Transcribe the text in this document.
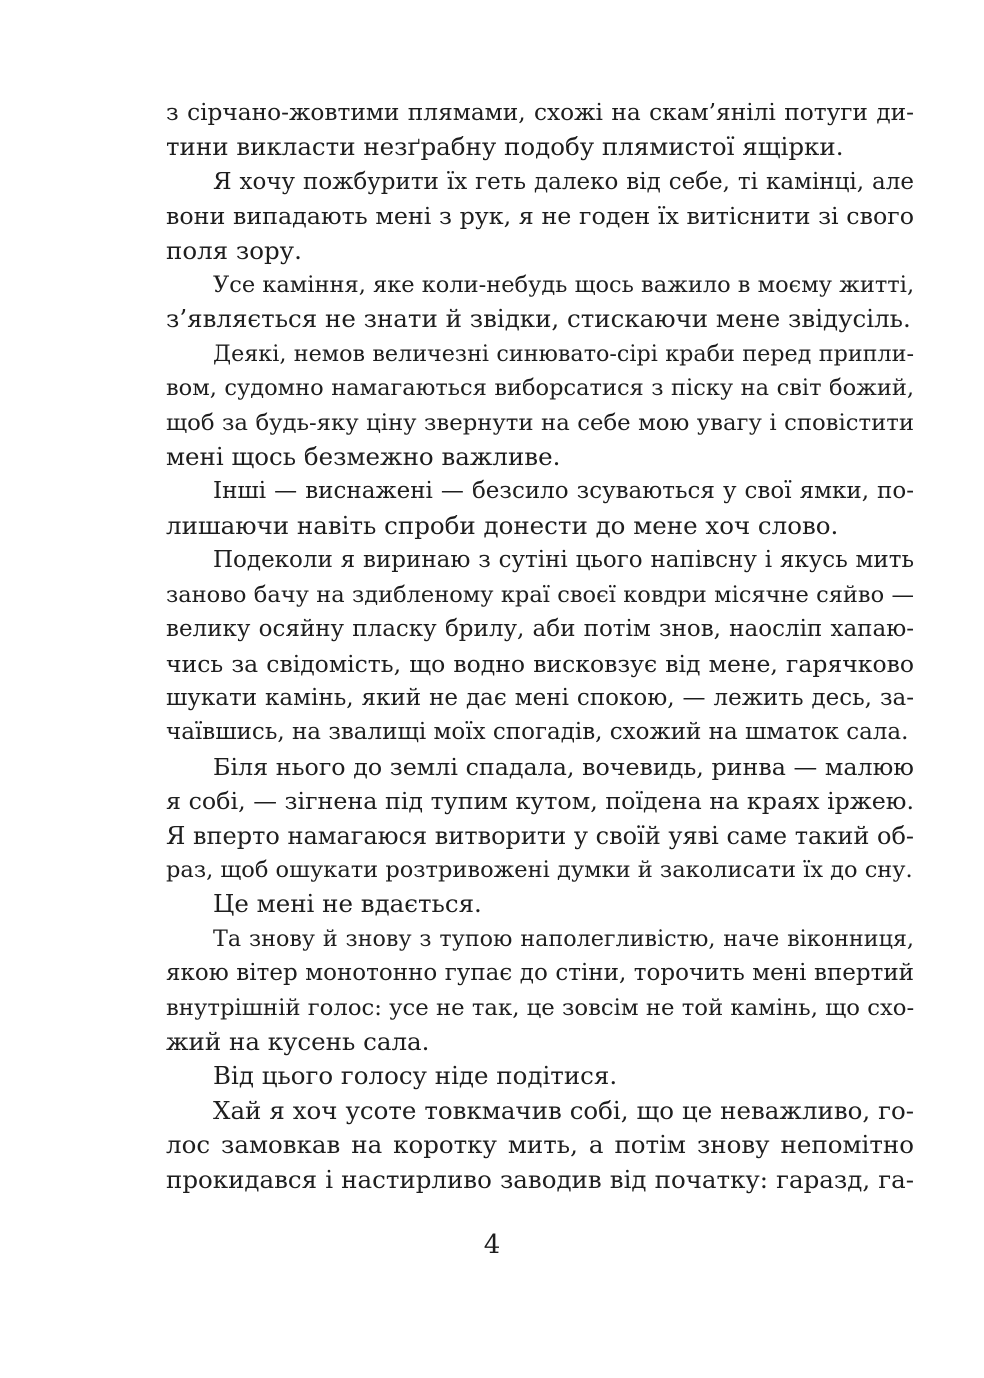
з сірчано-жовтими плямами, схожі на скам’янілі потуги ди-
тини викласти незґрабну подобу плямистої ящірки.
Я хочу пожбурити їх геть далеко від себе, ті камінці, але
вони випадають мені з рук, я не годен їх витіснити зі свого
поля зору.
Усе каміння, яке коли-небудь щось важило в моєму житті,
з’являється не знати й звідки, стискаючи мене звідусіль.
Деякі, немов величезні синювато-сірі краби перед припли-
вом, судомно намагаються виборсатися з піску на світ божий,
щоб за будь-яку ціну звернути на себе мою увагу і сповістити
мені щось безмежно важливе.
Інші — виснажені — безсило зсуваються у свої ямки, по-
лишаючи навіть спроби донести до мене хоч слово.
Подеколи я виринаю з сутіні цього напівсну і якусь мить
заново бачу на здибленому краї своєї ковдри місячне сяйво —
велику осяйну пласку брилу, аби потім знов, наосліп хапаю-
чись за свідомість, що водно висковзує від мене, гарячково
шукати камінь, який не дає мені спокою, — лежить десь, за-
чаївшись, на звалищі моїх спогадів, схожий на шматок сала.
Біля нього до землі спадала, вочевидь, ринва — малюю
я собі, — зігнена під тупим кутом, поїдена на краях іржею.
Я вперто намагаюся витворити у своїй уяві саме такий об-
раз, щоб ошукати розтривожені думки й заколисати їх до сну.
Це мені не вдається.
Та знову й знову з тупою наполегливістю, наче віконниця,
якою вітер монотонно гупає до стіни, торочить мені впертий
внутрішній голос: усе не так, це зовсім не той камінь, що схо-
жий на кусень сала.
Від цього голосу ніде подітися.
Хай я хоч усоте товкмачив собі, що це неважливо, го-
лос замовкав на коротку мить, а потім знову непомітно
прокидався і настирливо заводив від початку: гаразд, га-
4
